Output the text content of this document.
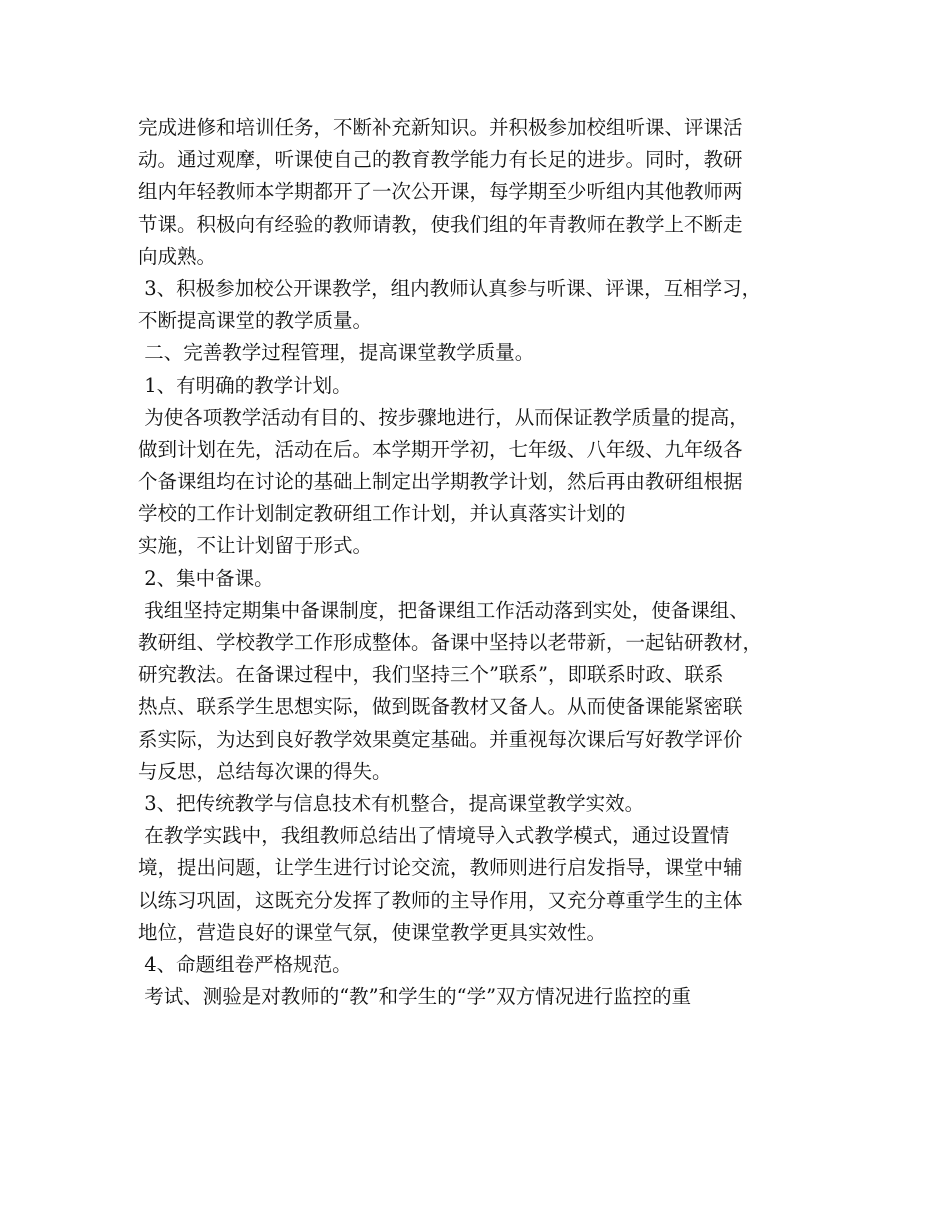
完成进修和培训任务，不断补充新知识。并积极参加校组听课、评课活
动。通过观摩，听课使自己的教育教学能力有长足的进步。同时，教研
组内年轻教师本学期都开了一次公开课，每学期至少听组内其他教师两
节课。积极向有经验的教师请教，使我们组的年青教师在教学上不断走
向成熟。
3、积极参加校公开课教学，组内教师认真参与听课、评课，互相学习，
不断提高课堂的教学质量。
二、完善教学过程管理，提高课堂教学质量。
1、有明确的教学计划。
为使各项教学活动有目的、按步骤地进行，从而保证教学质量的提高，
做到计划在先，活动在后。本学期开学初，七年级、八年级、九年级各
个备课组均在讨论的基础上制定出学期教学计划，然后再由教研组根据
学校的工作计划制定教研组工作计划，并认真落实计划的
实施，不让计划留于形式。
2、集中备课。
我组坚持定期集中备课制度，把备课组工作活动落到实处，使备课组、
教研组、学校教学工作形成整体。备课中坚持以老带新，一起钻研教材，
研究教法。在备课过程中，我们坚持三个”联系”，即联系时政、联系
热点、联系学生思想实际，做到既备教材又备人。从而使备课能紧密联
系实际，为达到良好教学效果奠定基础。并重视每次课后写好教学评价
与反思，总结每次课的得失。
3、把传统教学与信息技术有机整合，提高课堂教学实效。
在教学实践中，我组教师总结出了情境导入式教学模式，通过设置情
境，提出问题，让学生进行讨论交流，教师则进行启发指导，课堂中辅
以练习巩固，这既充分发挥了教师的主导作用，又充分尊重学生的主体
地位，营造良好的课堂气氛，使课堂教学更具实效性。
4、命题组卷严格规范。
考试、测验是对教师的“教”和学生的“学”双方情况进行监控的重
